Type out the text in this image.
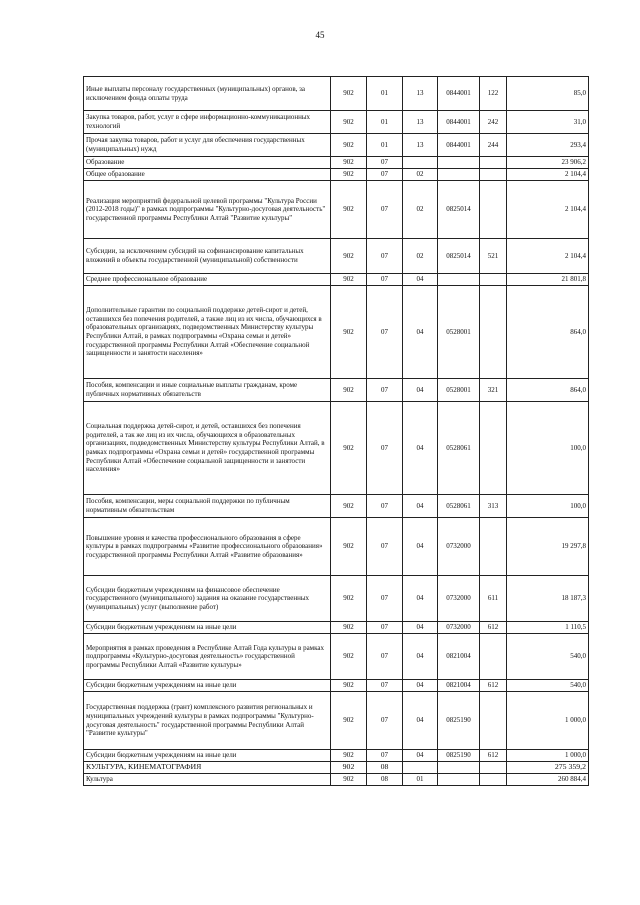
45
Иные выплаты персоналу государственных (муниципальных) органов, за исключением фонда оплаты труда	902	01	13	0844001	122	85,0
Закупка товаров, работ, услуг в сфере информационно-коммуникационных технологий	902	01	13	0844001	242	31,0
Прочая закупка товаров, работ и услуг для обеспечения государственных (муниципальных) нужд	902	01	13	0844001	244	293,4
Образование	902	07				23 906,2
Общее образование	902	07	02			2 104,4
Реализация мероприятий федеральной целевой программы "Культура России (2012-2018 годы)" в рамках подпрограммы "Культурно-досуговая деятельность" государственной программы Республики Алтай "Развитие культуры"	902	07	02	0825014		2 104,4
Субсидии, за исключением субсидий на софинансирование капитальных вложений в объекты государственной (муниципальной) собственности	902	07	02	0825014	521	2 104,4
Среднее профессиональное образование	902	07	04			21 801,8
Дополнительные гарантии по социальной поддержке детей-сирот и детей, оставшихся без попечения родителей, а также лиц из их числа, обучающихся в образовательных организациях, подведомственных Министерству культуры Республики Алтай, в рамках подпрограммы «Охрана семьи и детей» государственной программы Республики Алтай «Обеспечение социальной защищенности и занятости населения»	902	07	04	0528001		864,0
Пособия, компенсации и иные социальные выплаты гражданам, кроме публичных нормативных обязательств	902	07	04	0528001	321	864,0
Социальная поддержка детей-сирот, и детей, оставшихся без попечения родителей, а так же лиц из их числа, обучающихся в образовательных организациях, подведомственных Министерству культуры Республики Алтай, в рамках подпрограммы «Охрана семьи и детей» государственной программы Республики Алтай «Обеспечение социальной защищенности и занятости населения»	902	07	04	0528061		100,0
Пособия, компенсации, меры социальной поддержки по публичным нормативным обязательствам	902	07	04	0528061	313	100,0
Повышение уровня и качества профессионального образования в сфере культуры в рамках подпрограммы «Развитие профессионального образования» государственной программы Республики Алтай «Развитие образования»	902	07	04	0732000		19 297,8
Субсидии бюджетным учреждениям на финансовое обеспечение государственного (муниципального) задания на оказание государственных (муниципальных) услуг (выполнение работ)	902	07	04	0732000	611	18 187,3
Субсидии бюджетным учреждениям на иные цели	902	07	04	0732000	612	1 110,5
Мероприятия в рамках проведения в Республике Алтай Года культуры в рамках подпрограммы «Культурно-досуговая деятельность» государственной программы Республики Алтай «Развитие культуры»	902	07	04	0821004		540,0
Субсидии бюджетным учреждениям на иные цели	902	07	04	0821004	612	540,0
Государственная поддержка (грант) комплексного развития региональных и муниципальных учреждений культуры в рамках подпрограммы "Культурно-досуговая деятельность" государственной программы Республики Алтай "Развитие культуры"	902	07	04	0825190		1 000,0
Субсидии бюджетным учреждениям на иные цели	902	07	04	0825190	612	1 000,0
КУЛЬТУРА, КИНЕМАТОГРАФИЯ	902	08				275 359,2
Культура	902	08	01			260 884,4
